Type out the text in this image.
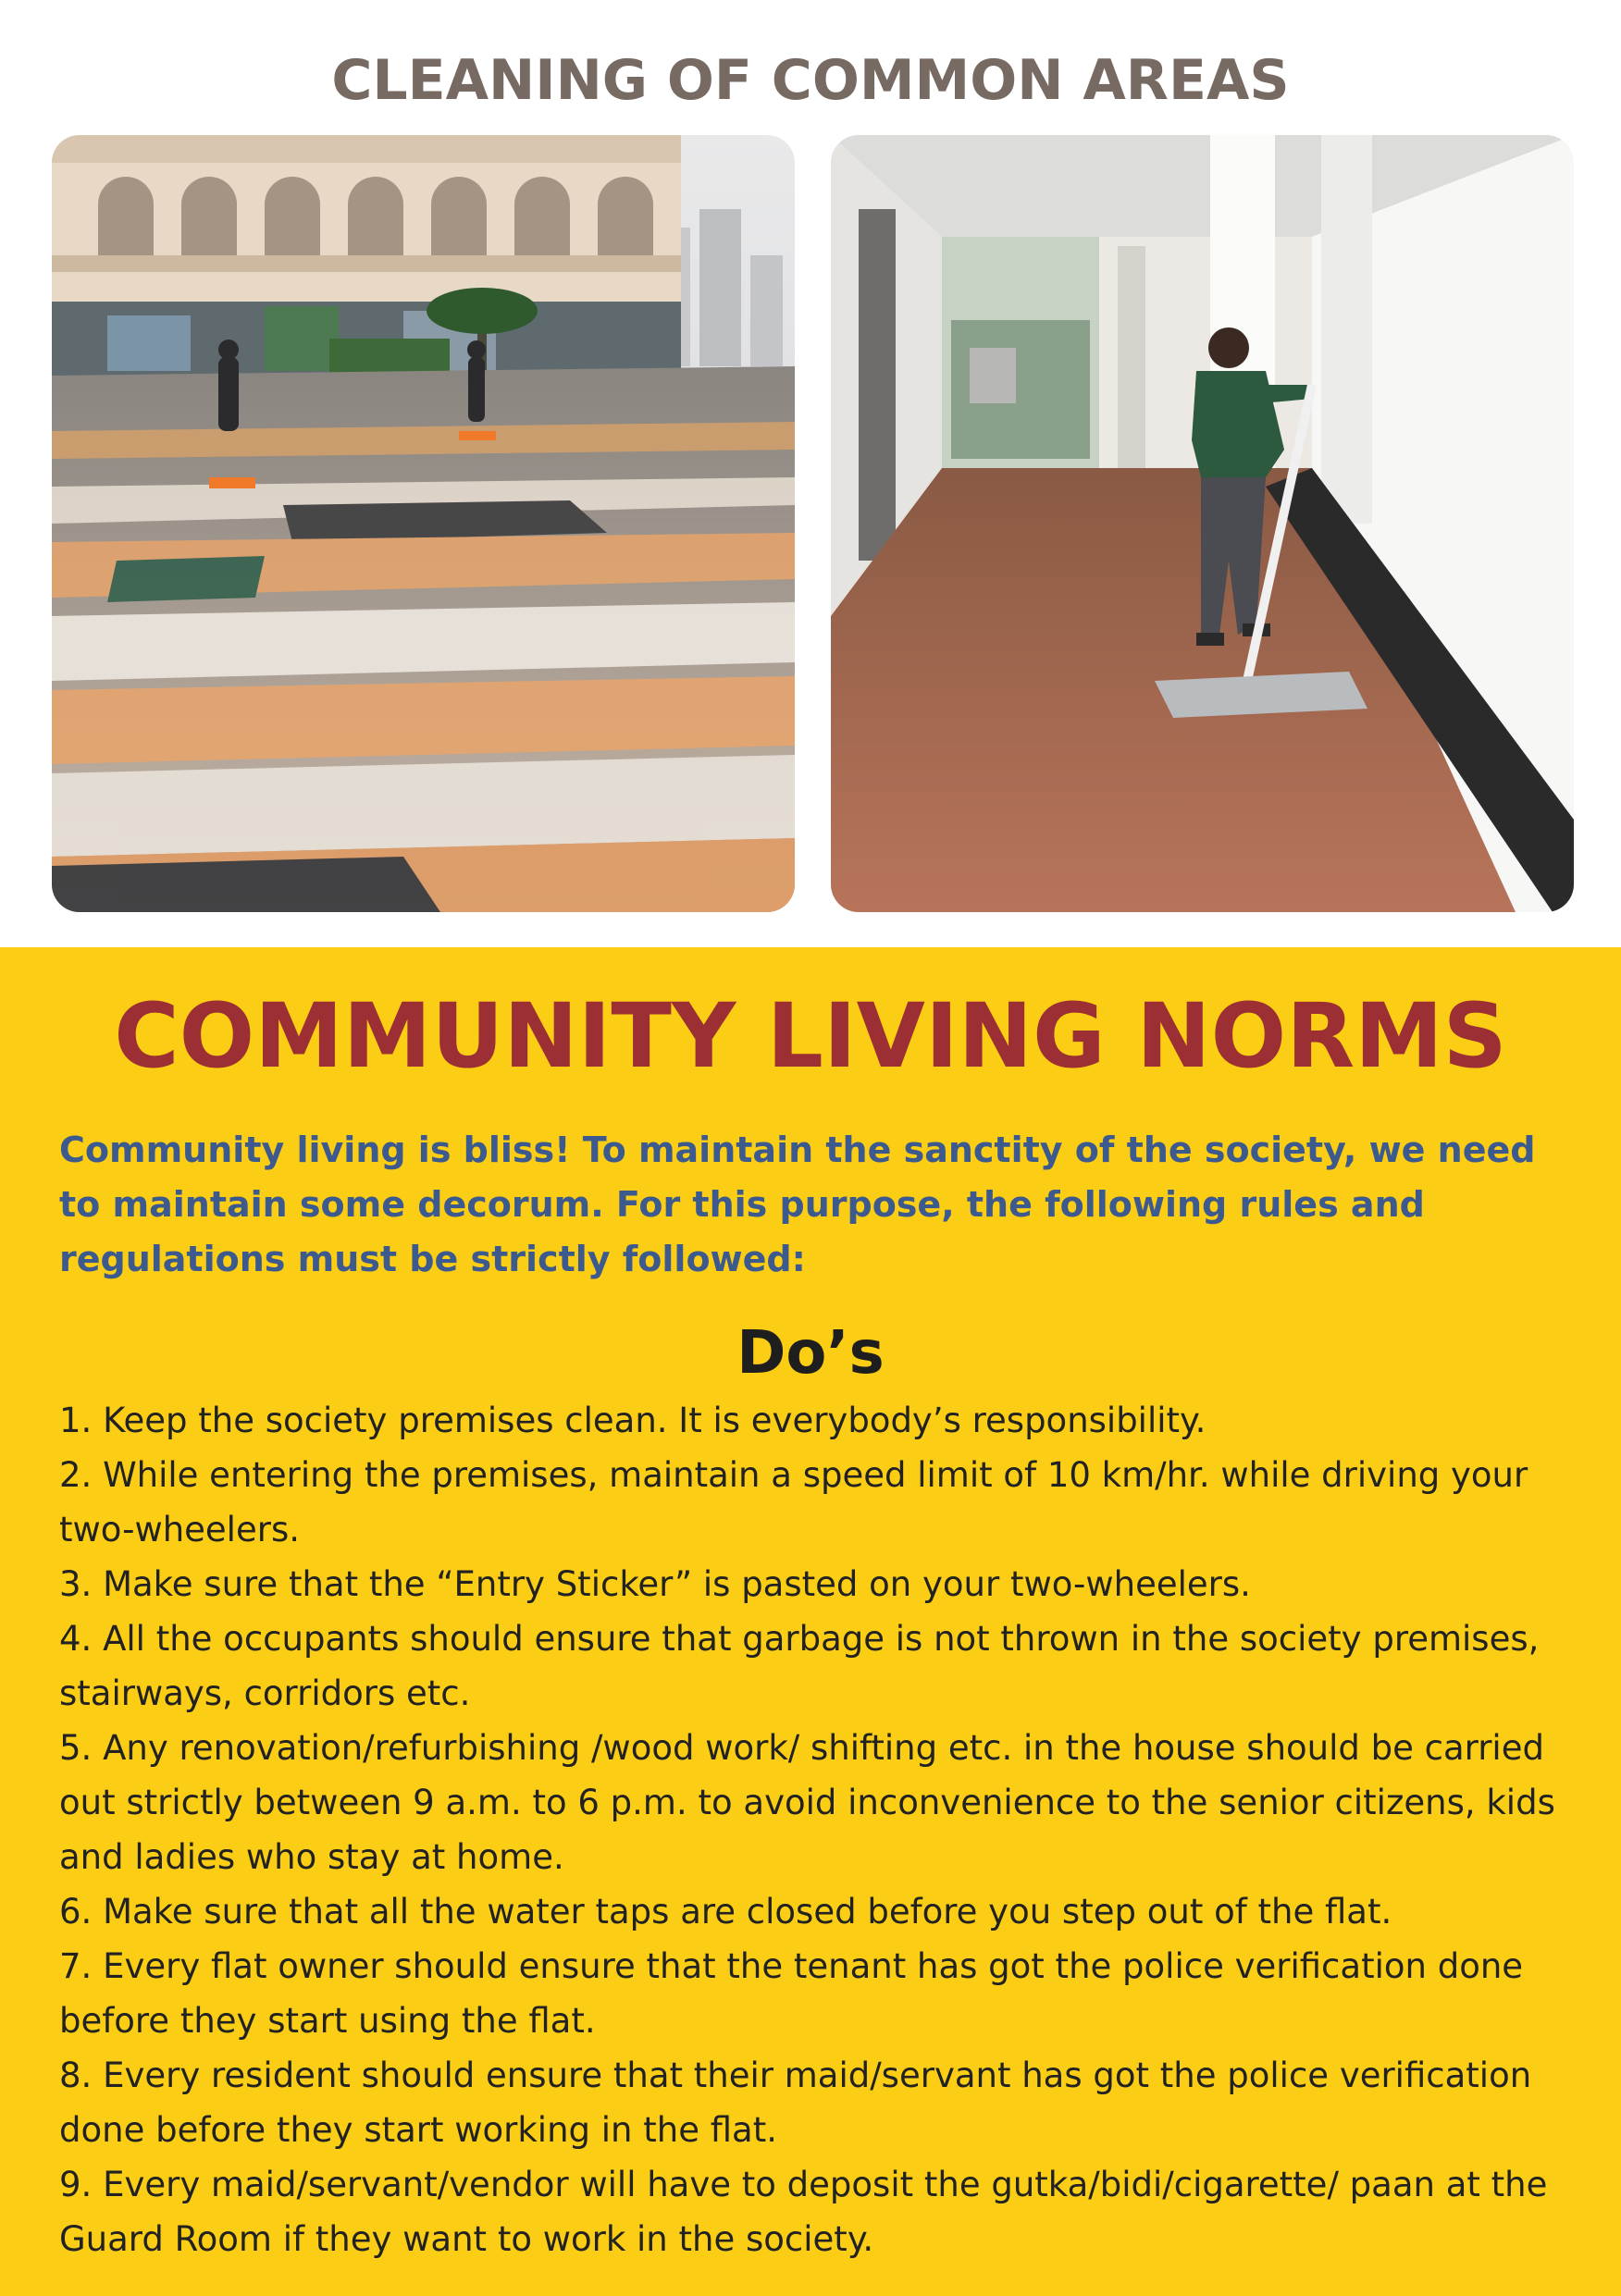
CLEANING OF COMMON AREAS
COMMUNITY LIVING NORMS

Community living is bliss! To maintain the sanctity of the society, we need to maintain some decorum. For this purpose, the following rules and regulations must be strictly followed:

Do’s
1. Keep the society premises clean. It is everybody’s responsibility.
2. While entering the premises, maintain a speed limit of 10 km/hr. while driving your two-wheelers.
3. Make sure that the “Entry Sticker” is pasted on your two-wheelers.
4. All the occupants should ensure that garbage is not thrown in the society premises, stairways, corridors etc.
5. Any renovation/refurbishing /wood work/ shifting etc. in the house should be carried out strictly between 9 a.m. to 6 p.m. to avoid inconvenience to the senior citizens, kids and ladies who stay at home.
6. Make sure that all the water taps are closed before you step out of the flat.
7. Every flat owner should ensure that the tenant has got the police verification done before they start using the flat.
8. Every resident should ensure that their maid/servant has got the police verification done before they start working in the flat.
9. Every maid/servant/vendor will have to deposit the gutka/bidi/cigarette/ paan at the Guard Room if they want to work in the society.
